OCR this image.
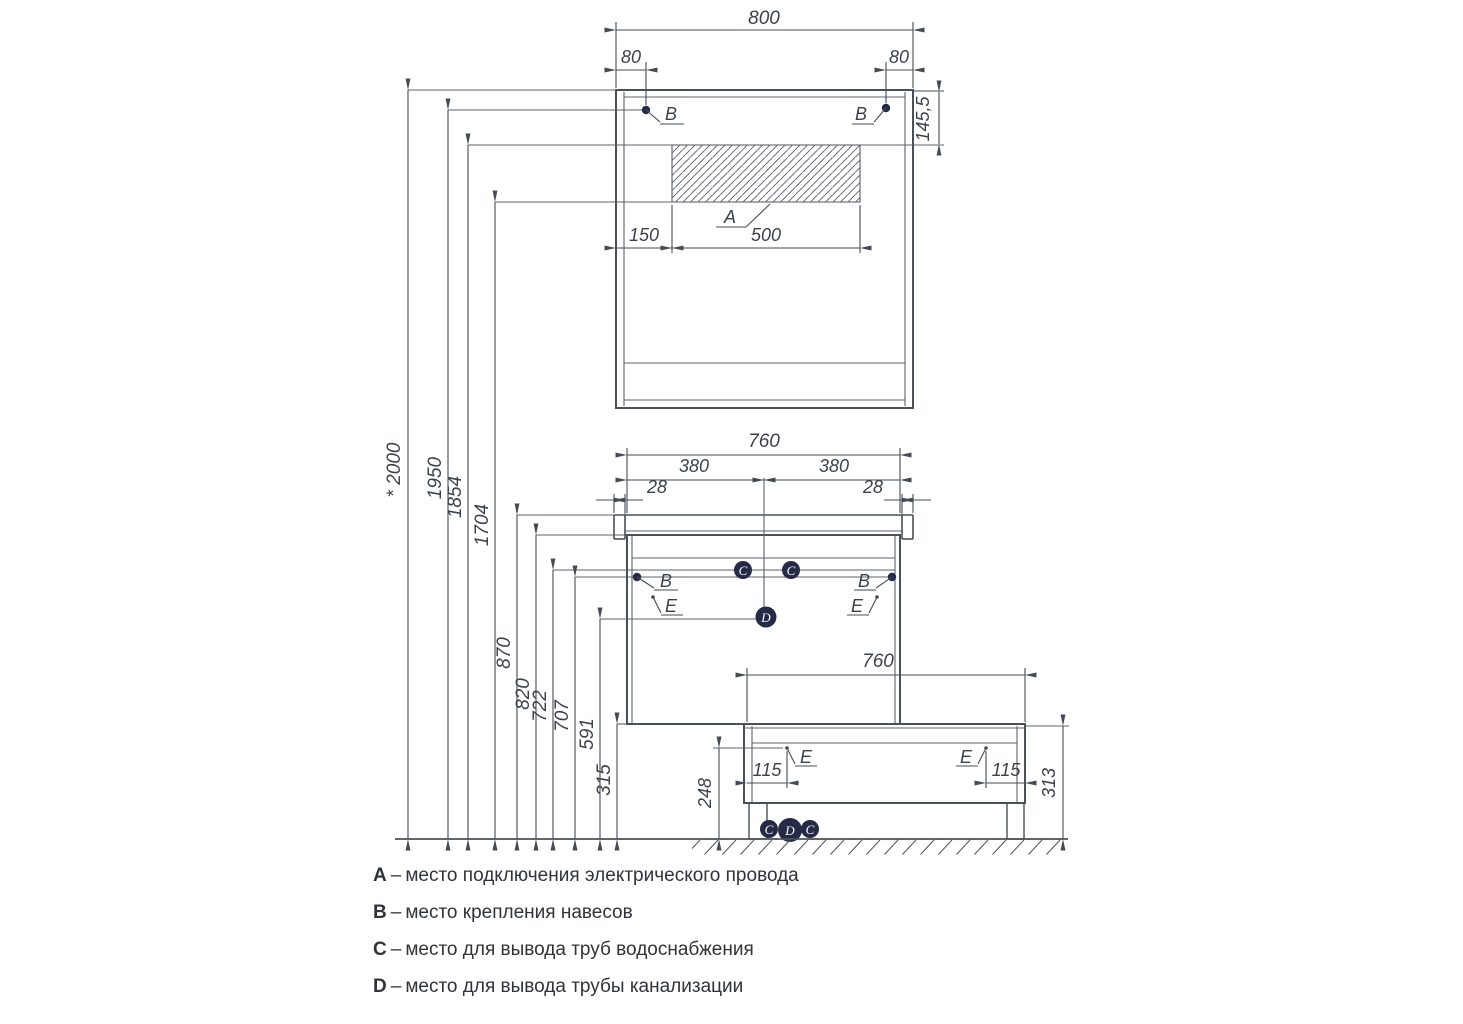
800
80	80
145,5
150	500
A
B	B
* 2000 1950 1854
1704
870
820
722 707
591
315
760
380	380
28	28
B	B
E	E
C	C
D
760
115	115
248	313
E	E
C D C
A – место подключения электрического провода
B – место крепления навесов
C – место для вывода труб водоснабжения
D – место для вывода трубы канализации
